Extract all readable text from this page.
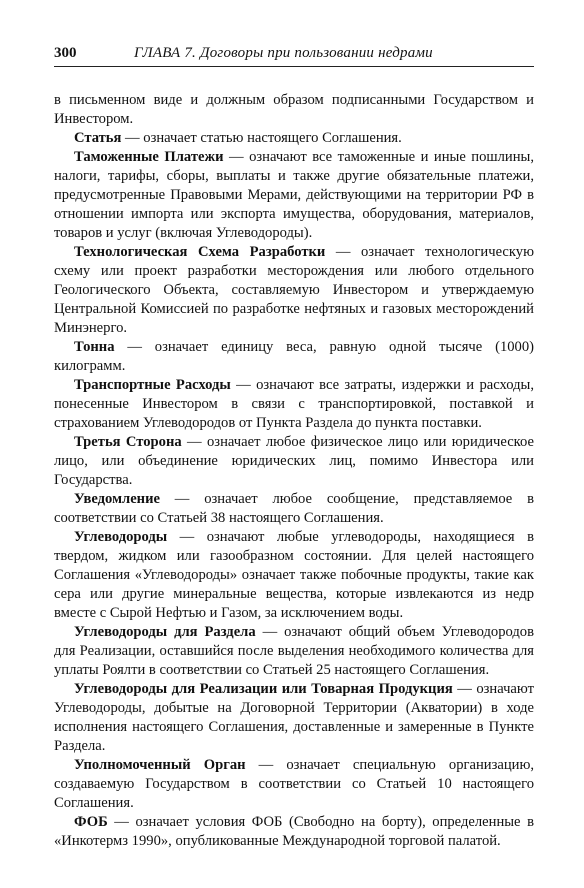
300	ГЛАВА 7. Договоры при пользовании недрами

в письменном виде и должным образом подписанными Государством и Инвестором.

Статья — означает статью настоящего Соглашения.

Таможенные Платежи — означают все таможенные и иные пошлины, налоги, тарифы, сборы, выплаты и также другие обязательные платежи, предусмотренные Правовыми Мерами, действующими на территории РФ в отношении импорта или экспорта имущества, оборудования, материалов, товаров и услуг (включая Углеводороды).

Технологическая Схема Разработки — означает технологическую схему или проект разработки месторождения или любого отдельного Геологического Объекта, составляемую Инвестором и утверждаемую Центральной Комиссией по разработке нефтяных и газовых месторождений Минэнерго.

Тонна — означает единицу веса, равную одной тысяче (1000) килограмм.

Транспортные Расходы — означают все затраты, издержки и расходы, понесенные Инвестором в связи с транспортировкой, поставкой и страхованием Углеводородов от Пункта Раздела до пункта поставки.

Третья Сторона — означает любое физическое лицо или юридическое лицо, или объединение юридических лиц, помимо Инвестора или Государства.

Уведомление — означает любое сообщение, представляемое в соответствии со Статьей 38 настоящего Соглашения.

Углеводороды — означают любые углеводороды, находящиеся в твердом, жидком или газообразном состоянии. Для целей настоящего Соглашения «Углеводороды» означает также побочные продукты, такие как сера или другие минеральные вещества, которые извлекаются из недр вместе с Сырой Нефтью и Газом, за исключением воды.

Углеводороды для Раздела — означают общий объем Углеводородов для Реализации, оставшийся после выделения необходимого количества для уплаты Роялти в соответствии со Статьей 25 настоящего Соглашения.

Углеводороды для Реализации или Товарная Продукция — означают Углеводороды, добытые на Договорной Территории (Акватории) в ходе исполнения настоящего Соглашения, доставленные и замеренные в Пункте Раздела.

Уполномоченный Орган — означает специальную организацию, создаваемую Государством в соответствии со Статьей 10 настоящего Соглашения.

ФОБ — означает условия ФОБ (Свободно на борту), определенные в «Инкотермз 1990», опубликованные Международной торговой палатой.
